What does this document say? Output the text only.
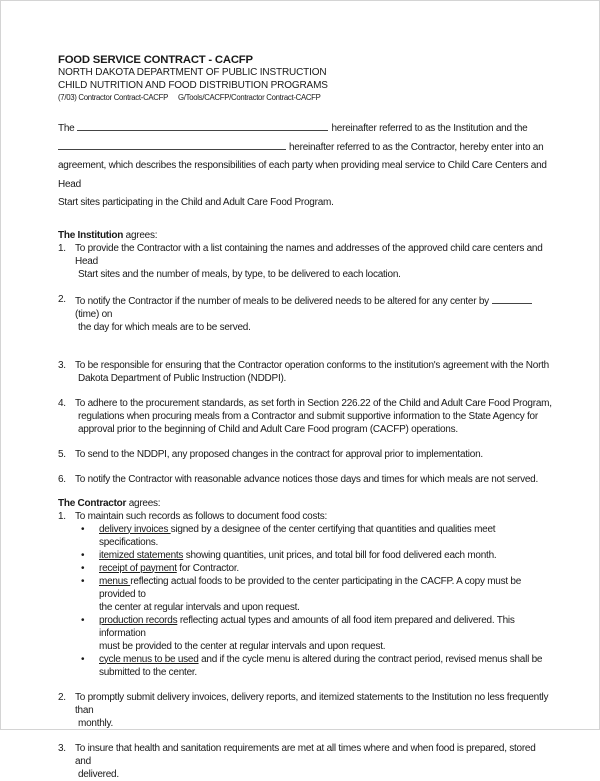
FOOD SERVICE CONTRACT - CACFP
NORTH DAKOTA DEPARTMENT OF PUBLIC INSTRUCTION
CHILD NUTRITION AND FOOD DISTRIBUTION PROGRAMS
(7/03) Contractor Contract-CACFP G/Tools/CACFP/Contractor Contract-CACFP
The	hereinafter referred to as the Institution and the
hereinafter referred to as the Contractor, hereby enter into an
agreement, which describes the responsibilities of each party when providing meal service to Child Care Centers and Head
Start sites participating in the Child and Adult Care Food Program.
The Institution agrees:
1. To provide the Contractor with a list containing the names and addresses of the approved child care centers and Head
Start sites and the number of meals, by type, to be delivered to each location.
2. To notify the Contractor if the number of meals to be delivered needs to be altered for any center by(time) on
the day for which meals are to be served.
3. To be responsible for ensuring that the Contractor operation conforms to the institution's agreement with the North
Dakota Department of Public Instruction (NDDPI).
4. To adhere to the procurement standards, as set forth in Section 226.22 of the Child and Adult Care Food Program,
regulations when procuring meals from a Contractor and submit supportive information to the State Agency for
approval prior to the beginning of Child and Adult Care Food program (CACFP) operations.
5. To send to the NDDPI, any proposed changes in the contract for approval prior to implementation.
6. To notify the Contractor with reasonable advance notices those days and times for which meals are not served.
The Contractor agrees:
1. To maintain such records as follows to document food costs:
• delivery invoices signed by a designee of the center certifying that quantities and qualities meet specifications.
• itemized statements showing quantities, unit prices, and total bill for food delivered each month.
• receipt of payment for Contractor.
• menus reflecting actual foods to be provided to the center participating in the CACFP. A copy must be provided to
the center at regular intervals and upon request.
• production records reflecting actual types and amounts of all food item prepared and delivered. This information
must be provided to the center at regular intervals and upon request.
• cycle menus to be used and if the cycle menu is altered during the contract period, revised menus shall be
submitted to the center.
2. To promptly submit delivery invoices, delivery reports, and itemized statements to the Institution no less frequently than
monthly.
3. To insure that health and sanitation requirements are met at all times where and when food is prepared, stored and
delivered.
